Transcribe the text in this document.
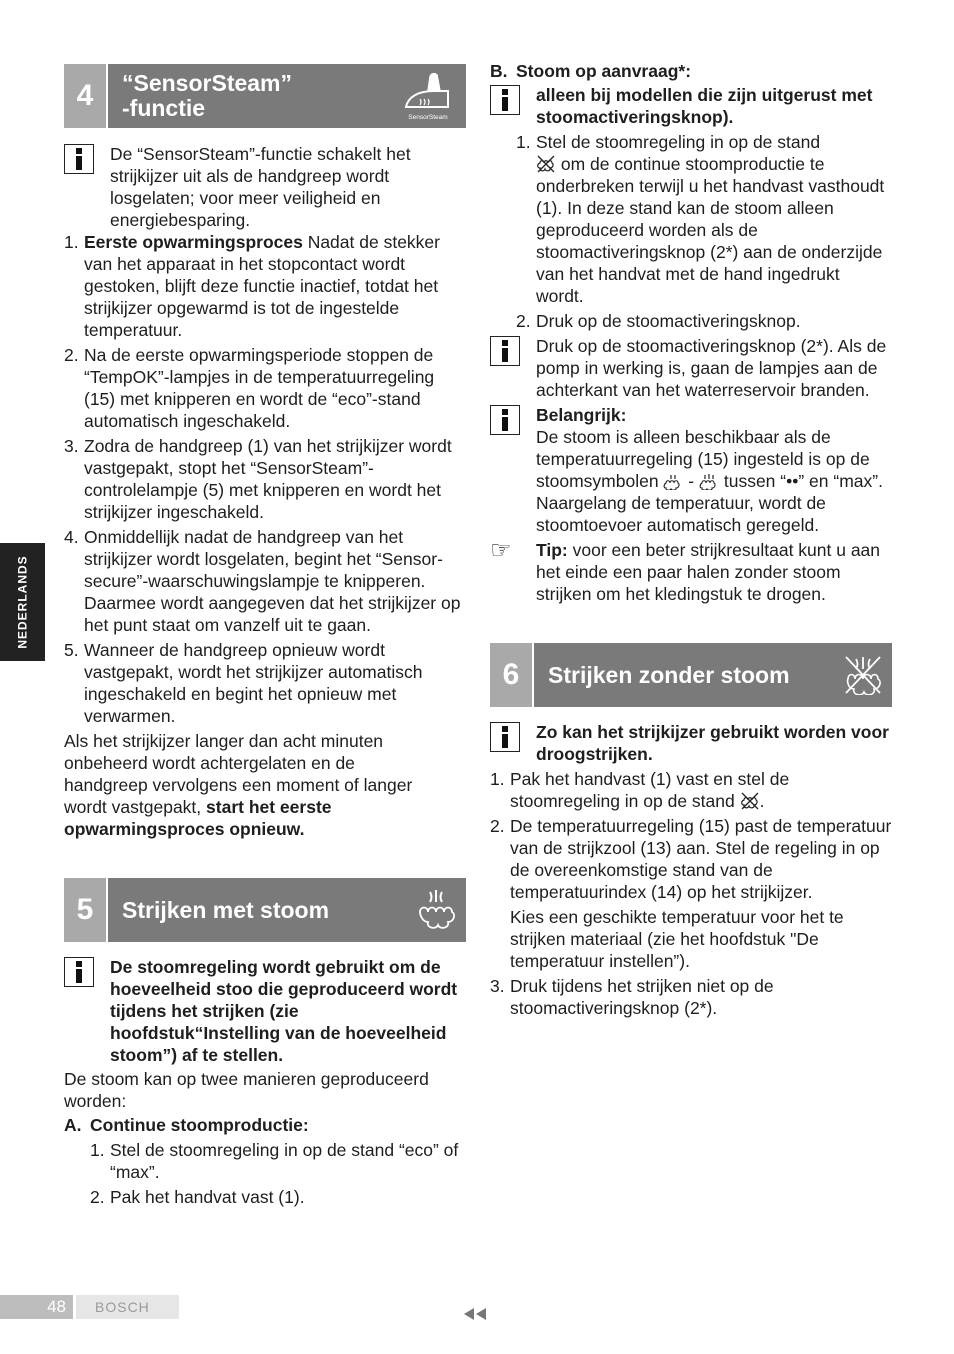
NEDERLANDS
4	“SensorSteam”
-functie	SensorSteam

De “SensorSteam”-functie schakelt het strijkijzer uit als de handgreep wordt losgelaten; voor meer veiligheid en energiebesparing.

1. Eerste opwarmingsproces Nadat de stekker van het apparaat in het stopcontact wordt gestoken, blijft deze functie inactief, totdat het strijkijzer opgewarmd is tot de ingestelde temperatuur.
2. Na de eerste opwarmingsperiode stoppen de “TempOK”-lampjes in de temperatuurregeling (15) met knipperen en wordt de “eco”-stand automatisch ingeschakeld.
3. Zodra de handgreep (1) van het strijkijzer wordt vastgepakt, stopt het “SensorSteam”-controlelampje (5) met knipperen en wordt het strijkijzer ingeschakeld.
4. Onmiddellijk nadat de handgreep van het strijkijzer wordt losgelaten, begint het “Sensor-secure”-waarschuwingslampje te knipperen. Daarmee wordt aangegeven dat het strijkijzer op het punt staat om vanzelf uit te gaan.
5. Wanneer de handgreep opnieuw wordt vastgepakt, wordt het strijkijzer automatisch ingeschakeld en begint het opnieuw met verwarmen.

Als het strijkijzer langer dan acht minuten onbeheerd wordt achtergelaten en de handgreep vervolgens een moment of langer wordt vastgepakt, start het eerste opwarmingsproces opnieuw.

5	Strijken met stoom

De stoomregeling wordt gebruikt om de hoeveelheid stoo die geproduceerd wordt tijdens het strijken (zie hoofdstuk“Instelling van de hoeveelheid stoom”) af te stellen.

De stoom kan op twee manieren geproduceerd worden:

A. Continue stoomproductie:
1. Stel de stoomregeling in op de stand “eco” of “max”.
2. Pak het handvat vast (1).
B. Stoom op aanvraag*:

alleen bij modellen die zijn uitgerust met stoomactiveringsknop).

1. Stel de stoomregeling in op de stand
om de continue stoomproductie te onderbreken terwijl u het handvast vasthoudt (1). In deze stand kan de stoom alleen geproduceerd worden als de stoomactiveringsknop (2*) aan de onderzijde van het handvat met de hand ingedrukt wordt.
2. Druk op de stoomactiveringsknop.

Druk op de stoomactiveringsknop (2*). Als de pomp in werking is, gaan de lampjes aan de achterkant van het waterreservoir branden.

Belangrijk:

De stoom is alleen beschikbaar als de temperatuurregeling (15) ingesteld is op de stoomsymbolen  -  tussen “••” en “max”. Naargelang de temperatuur, wordt de stoomtoevoer automatisch geregeld.

☞	Tip: voor een beter strijkresultaat kunt u aan het einde een paar halen zonder stoom strijken om het kledingstuk te drogen.

6	Strijken zonder stoom

Zo kan het strijkijzer gebruikt worden voor droogstrijken.

1. Pak het handvast (1) vast en stel de stoomregeling in op de stand .
2. De temperatuurregeling (15) past de temperatuur van de strijkzool (13) aan. Stel de regeling in op de overeenkomstige stand van de temperatuurindex (14) op het strijkijzer.

Kies een geschikte temperatuur voor het te strijken materiaal (zie het hoofdstuk "De temperatuur instellen”).
3. Druk tijdens het strijken niet op de stoomactiveringsknop (2*).
48	BOSCH
